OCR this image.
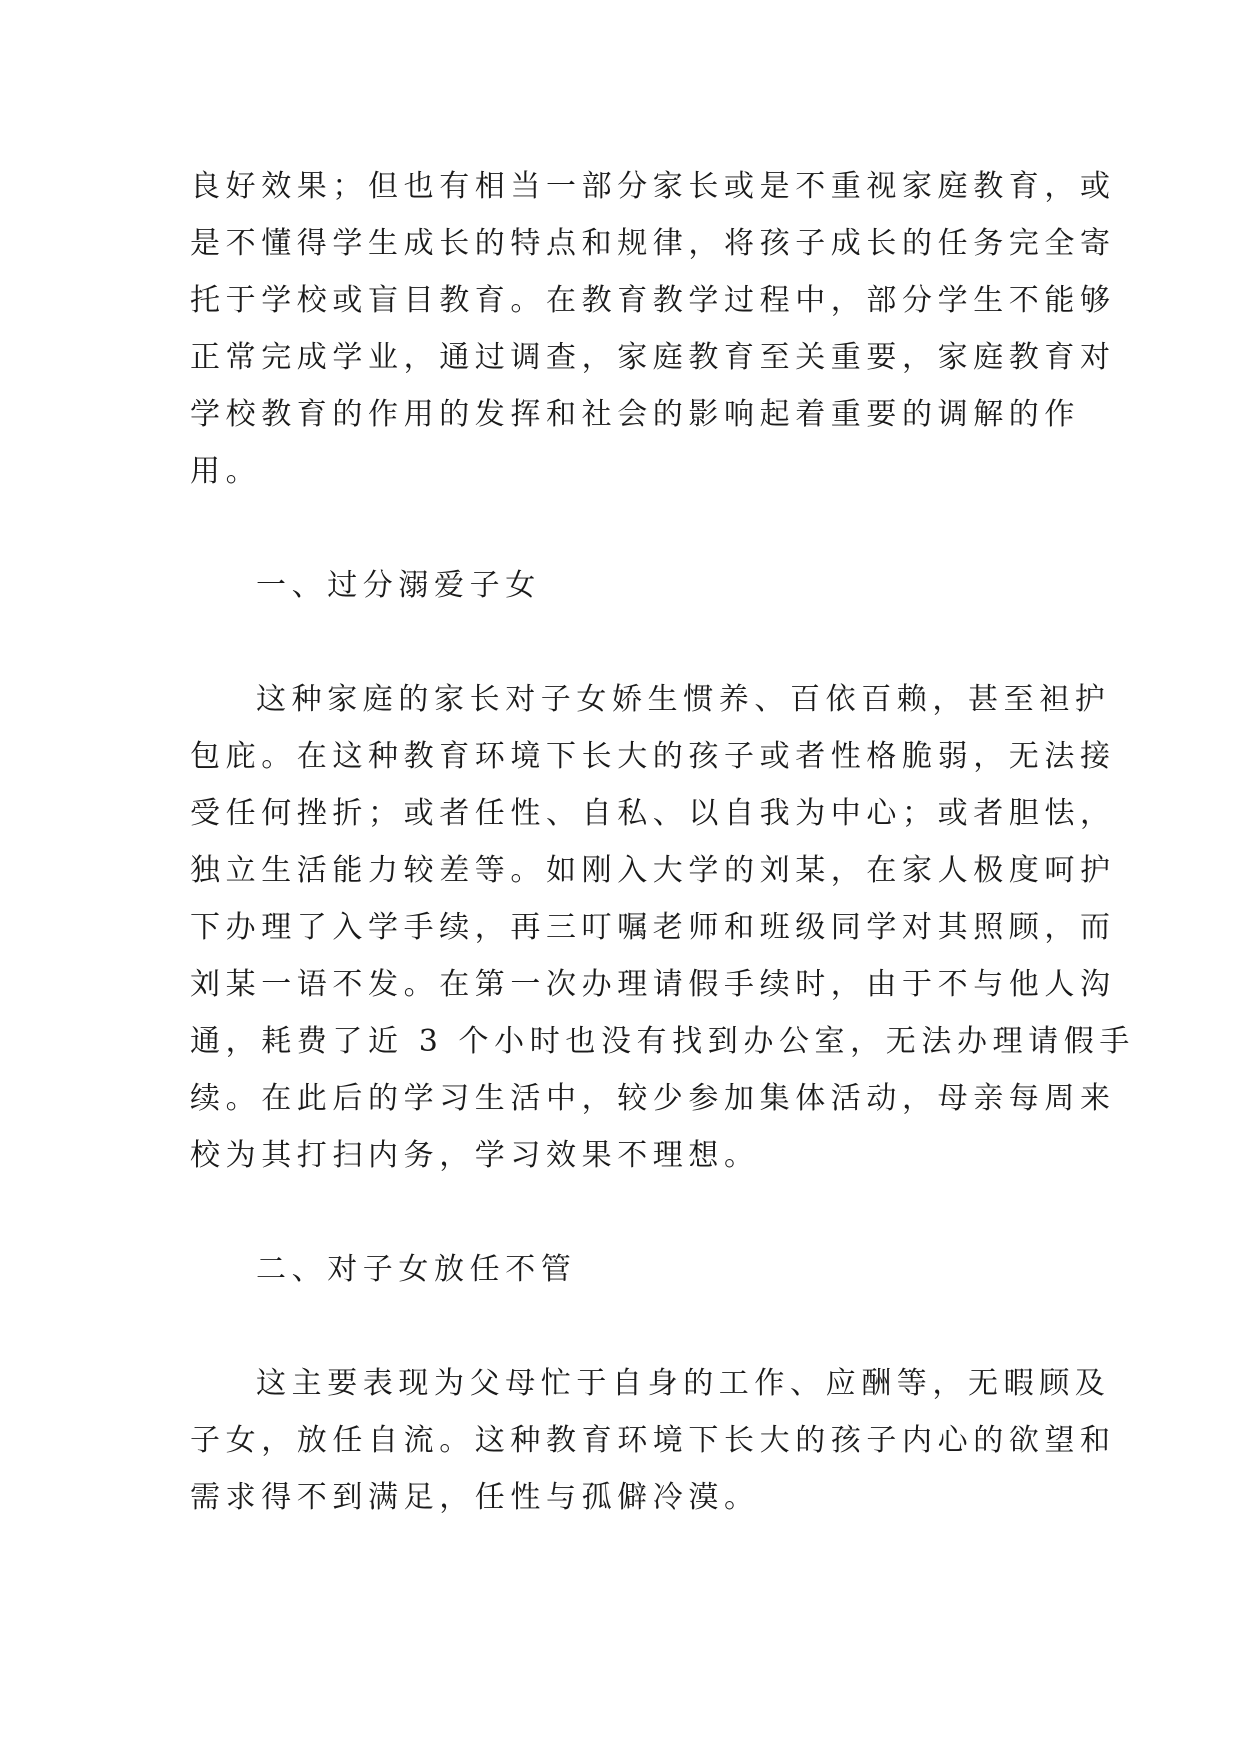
良好效果；但也有相当一部分家长或是不重视家庭教育，或
是不懂得学生成长的特点和规律，将孩子成长的任务完全寄
托于学校或盲目教育。在教育教学过程中，部分学生不能够
正常完成学业，通过调查，家庭教育至关重要，家庭教育对
学校教育的作用的发挥和社会的影响起着重要的调解的作
用。
一、过分溺爱子女
这种家庭的家长对子女娇生惯养、百依百赖，甚至袒护
包庇。在这种教育环境下长大的孩子或者性格脆弱，无法接
受任何挫折；或者任性、自私、以自我为中心；或者胆怯，
独立生活能力较差等。如刚入大学的刘某，在家人极度呵护
下办理了入学手续，再三叮嘱老师和班级同学对其照顾，而
刘某一语不发。在第一次办理请假手续时，由于不与他人沟
通，耗费了近 3 个小时也没有找到办公室，无法办理请假手
续。在此后的学习生活中，较少参加集体活动，母亲每周来
校为其打扫内务，学习效果不理想。
二、对子女放任不管
这主要表现为父母忙于自身的工作、应酬等，无暇顾及
子女，放任自流。这种教育环境下长大的孩子内心的欲望和
需求得不到满足，任性与孤僻冷漠。
